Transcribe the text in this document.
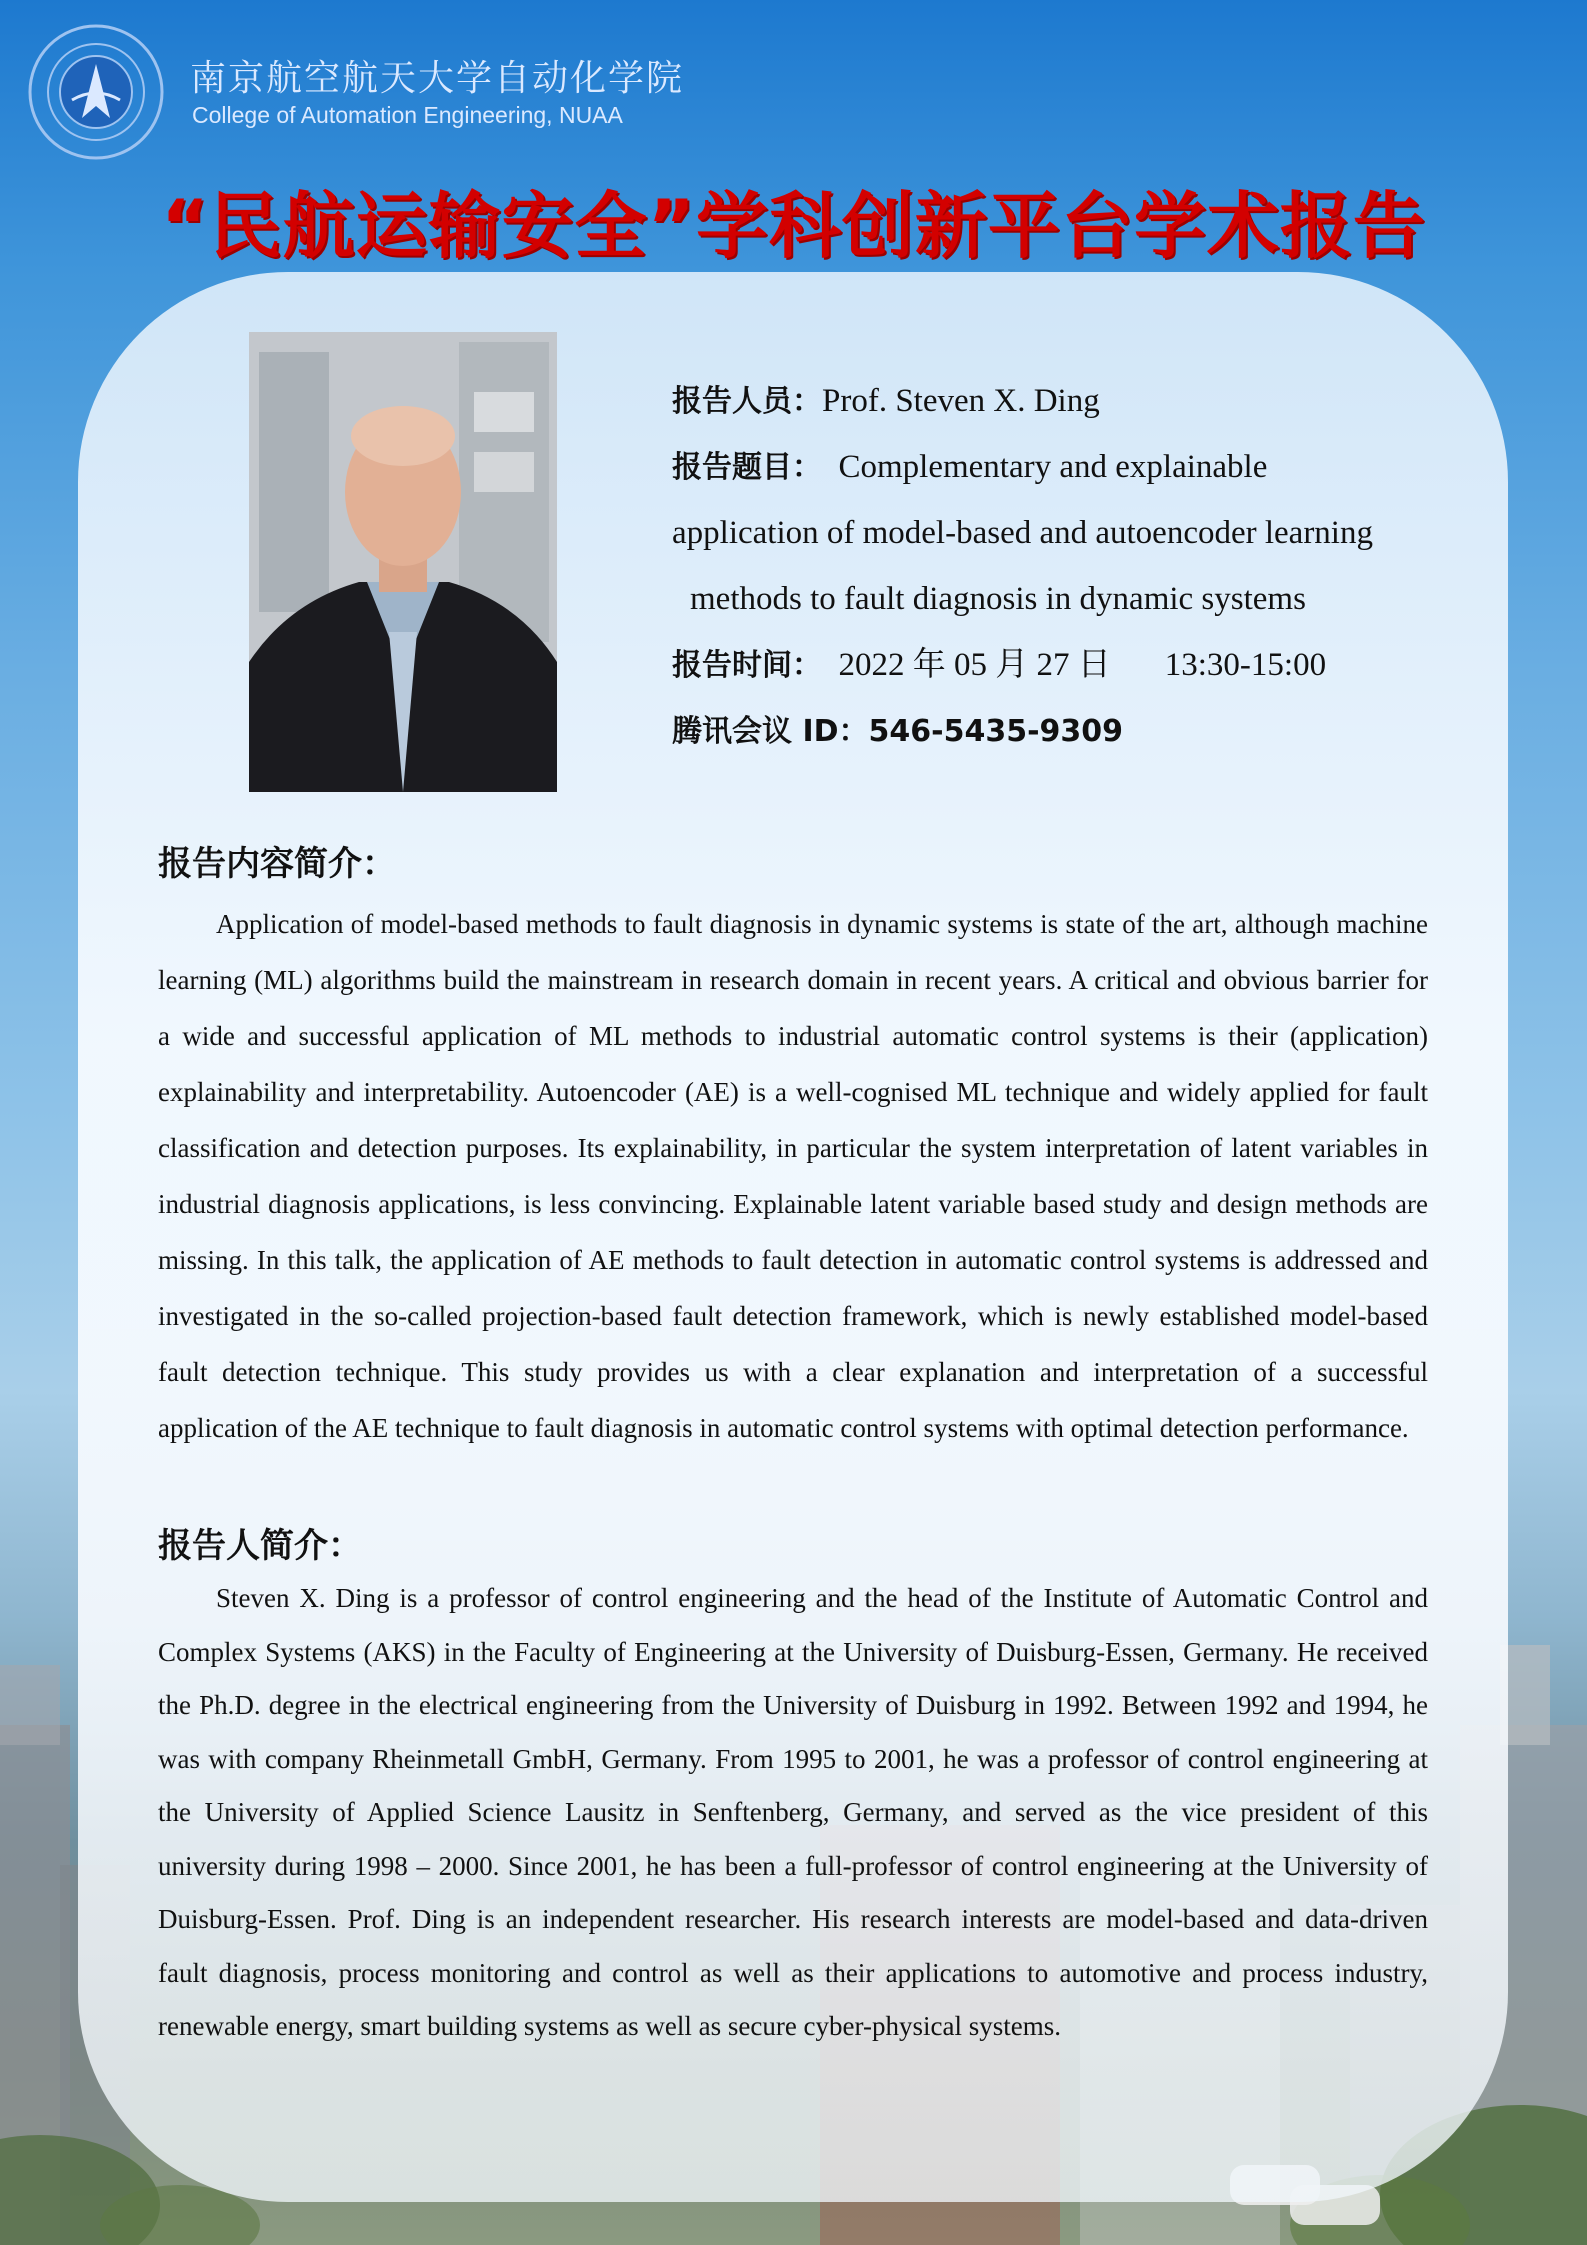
南京航空航天大学自动化学院
College of Automation Engineering, NUAA
“民航运输安全”学科创新平台学术报告
报告人员：Prof. Steven X. Ding
报告题目： Complementary and explainable
application of model-based and autoencoder learning
methods to fault diagnosis in dynamic systems
报告时间： 2022 年 05 月 27 日 13:30-15:00
腾讯会议 ID：546-5435-9309
报告内容简介：
Application of model-based methods to fault diagnosis in dynamic systems is state of the art, although machine learning (ML) algorithms build the mainstream in research domain in recent years. A critical and obvious barrier for a wide and successful application of ML methods to industrial automatic control systems is their (application) explainability and interpretability. Autoencoder (AE) is a well-cognised ML technique and widely applied for fault classification and detection purposes. Its explainability, in particular the system interpretation of latent variables in industrial diagnosis applications, is less convincing. Explainable latent variable based study and design methods are missing. In this talk, the application of AE methods to fault detection in automatic control systems is addressed and investigated in the so-called projection-based fault detection framework, which is newly established model-based fault detection technique. This study provides us with a clear explanation and interpretation of a successful application of the AE technique to fault diagnosis in automatic control systems with optimal detection performance.
报告人简介：
Steven X. Ding is a professor of control engineering and the head of the Institute of Automatic Control and Complex Systems (AKS) in the Faculty of Engineering at the University of Duisburg-Essen, Germany. He received the Ph.D. degree in the electrical engineering from the University of Duisburg in 1992. Between 1992 and 1994, he was with company Rheinmetall GmbH, Germany. From 1995 to 2001, he was a professor of control engineering at the University of Applied Science Lausitz in Senftenberg, Germany, and served as the vice president of this university during 1998 – 2000. Since 2001, he has been a full-professor of control engineering at the University of Duisburg-Essen. Prof. Ding is an independent researcher. His research interests are model-based and data-driven fault diagnosis, process monitoring and control as well as their applications to automotive and process industry, renewable energy, smart building systems as well as secure cyber-physical systems.
